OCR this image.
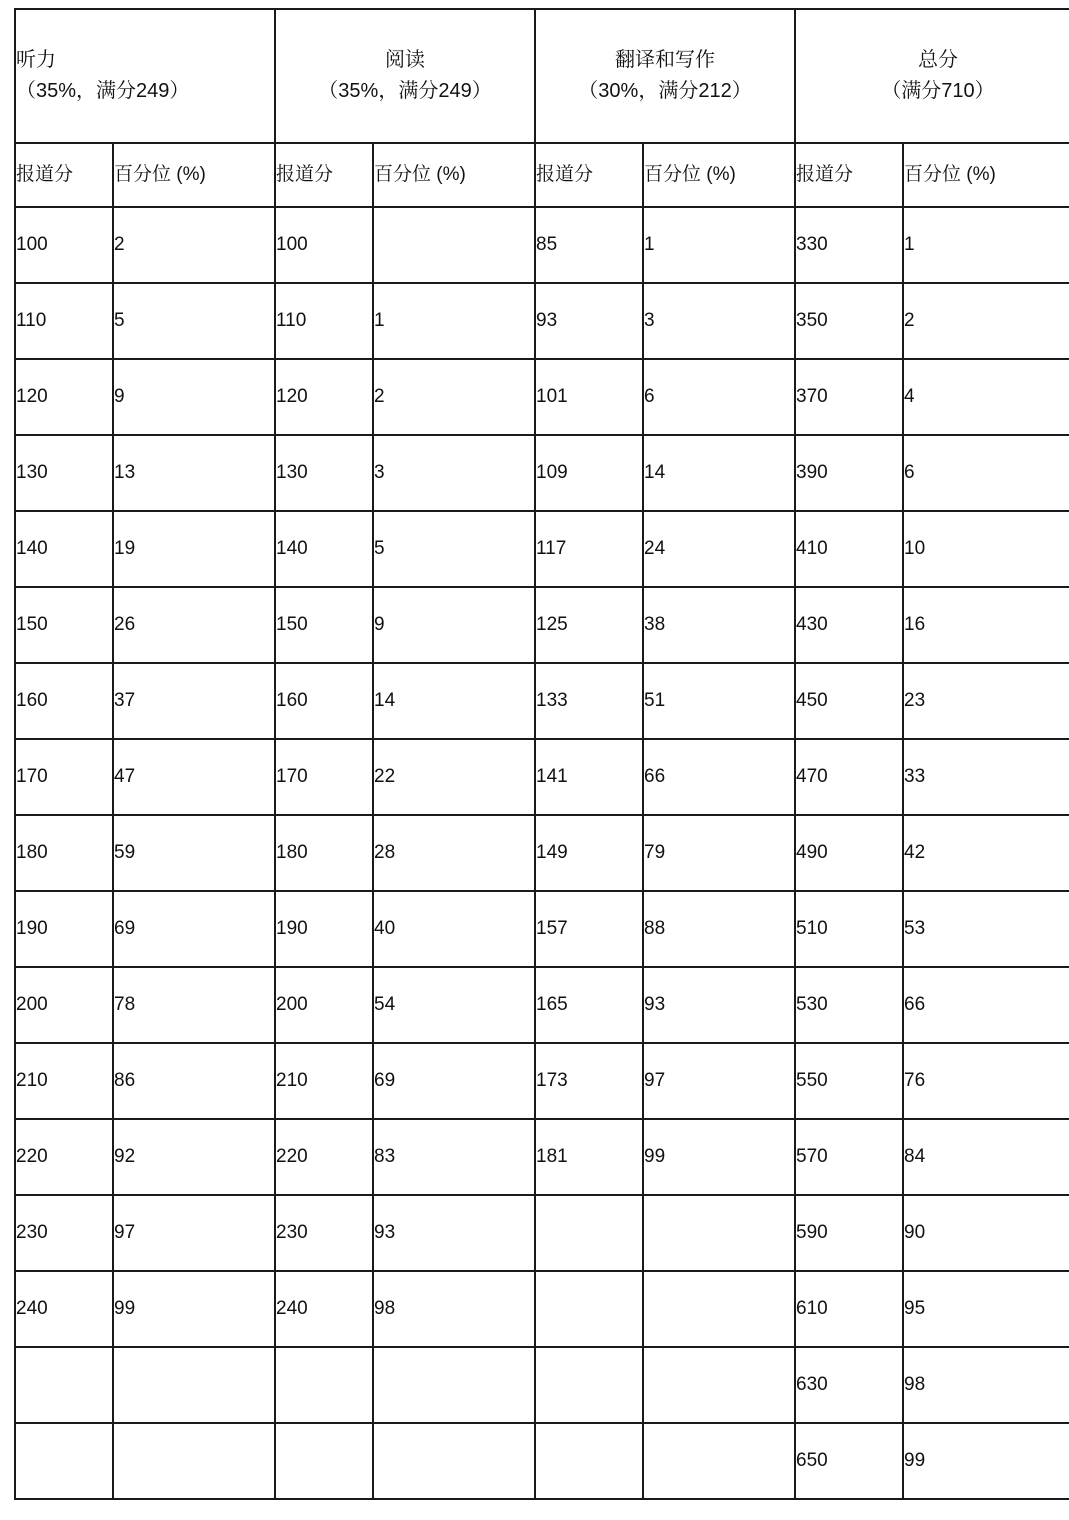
听力
（35%，满分249）		阅读
（35%，满分249）		翻译和写作
（30%，满分212）		总分
（满分710）	

报道分	百分位 (%)	报道分	百分位 (%)	报道分	百分位 (%)	报道分	百分位 (%)
100	2	100		85	1	330	1
110	5	110	1	93	3	350	2
120	9	120	2	101	6	370	4
130	13	130	3	109	14	390	6
140	19	140	5	117	24	410	10
150	26	150	9	125	38	430	16
160	37	160	14	133	51	450	23
170	47	170	22	141	66	470	33
180	59	180	28	149	79	490	42
190	69	190	40	157	88	510	53
200	78	200	54	165	93	530	66
210	86	210	69	173	97	550	76
220	92	220	83	181	99	570	84
230	97	230	93			590	90
240	99	240	98			610	95
						630	98
						650	99
